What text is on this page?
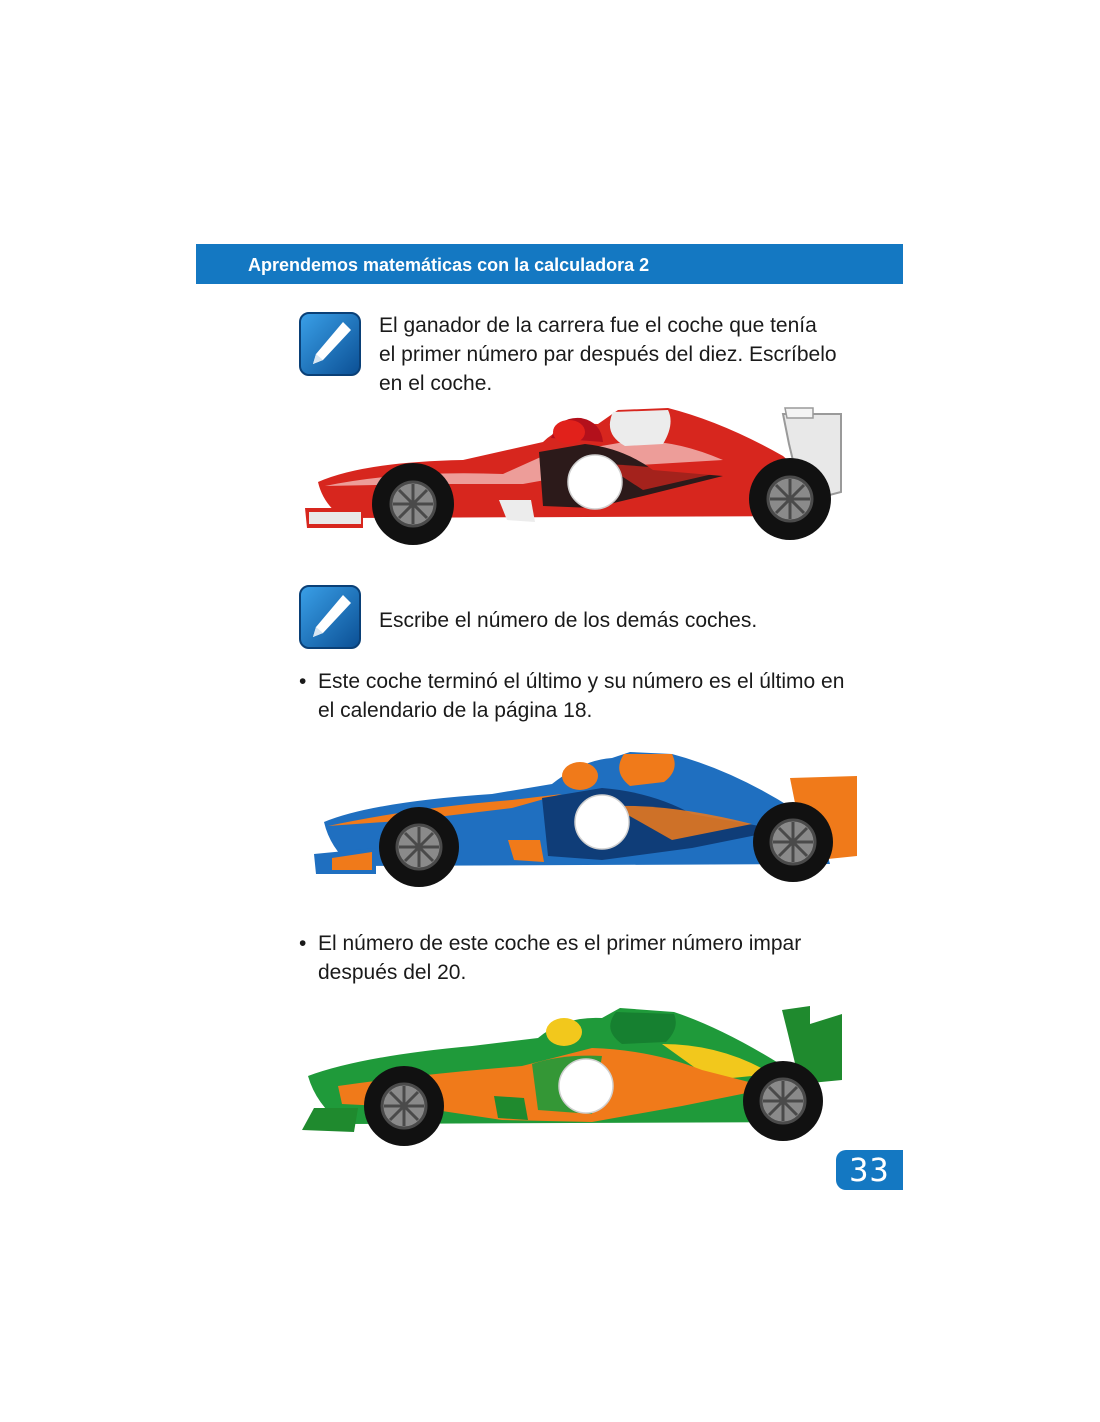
Aprendemos matemáticas con la calculadora 2
El ganador de la carrera fue el coche que tenía
el primer número par después del diez. Escríbelo
en el coche.
Escribe el número de los demás coches.
• Este coche terminó el último y su número es el último en
el calendario de la página 18.
• El número de este coche es el primer número impar
después del 20.
33
